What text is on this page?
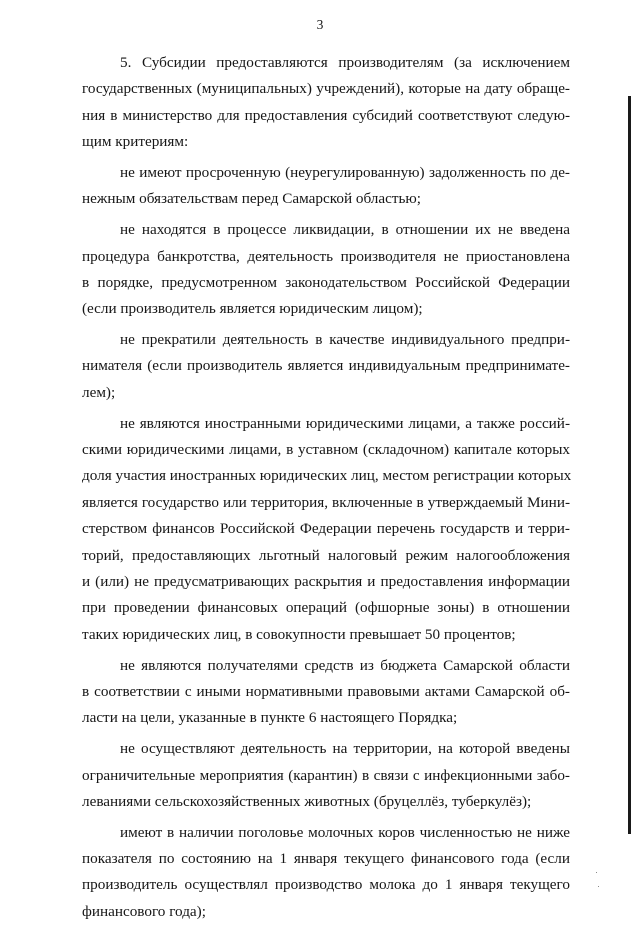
3
5. Субсидии предоставляются производителям (за исключением
государственных (муниципальных) учреждений), которые на дату обраще-
ния в министерство для предоставления субсидий соответствуют следую-
щим критериям:
не имеют просроченную (неурегулированную) задолженность по де-
нежным обязательствам перед Самарской областью;
не находятся в процессе ликвидации, в отношении их не введена
процедура банкротства, деятельность производителя не приостановлена
в порядке, предусмотренном законодательством Российской Федерации
(если производитель является юридическим лицом);
не прекратили деятельность в качестве индивидуального предпри-
нимателя (если производитель является индивидуальным предпринимате-
лем);
не являются иностранными юридическими лицами, а также россий-
скими юридическими лицами, в уставном (складочном) капитале которых
доля участия иностранных юридических лиц, местом регистрации которых
является государство или территория, включенные в утверждаемый Мини-
стерством финансов Российской Федерации перечень государств и терри-
торий, предоставляющих льготный налоговый режим налогообложения
и (или) не предусматривающих раскрытия и предоставления информации
при проведении финансовых операций (офшорные зоны) в отношении
таких юридических лиц, в совокупности превышает 50 процентов;
не являются получателями средств из бюджета Самарской области
в соответствии с иными нормативными правовыми актами Самарской об-
ласти на цели, указанные в пункте 6 настоящего Порядка;
не осуществляют деятельность на территории, на которой введены
ограничительные мероприятия (карантин) в связи с инфекционными забо-
леваниями сельскохозяйственных животных (бруцеллёз, туберкулёз);
имеют в наличии поголовье молочных коров численностью не ниже
показателя по состоянию на 1 января текущего финансового года (если
производитель осуществлял производство молока до 1 января текущего
финансового года);
